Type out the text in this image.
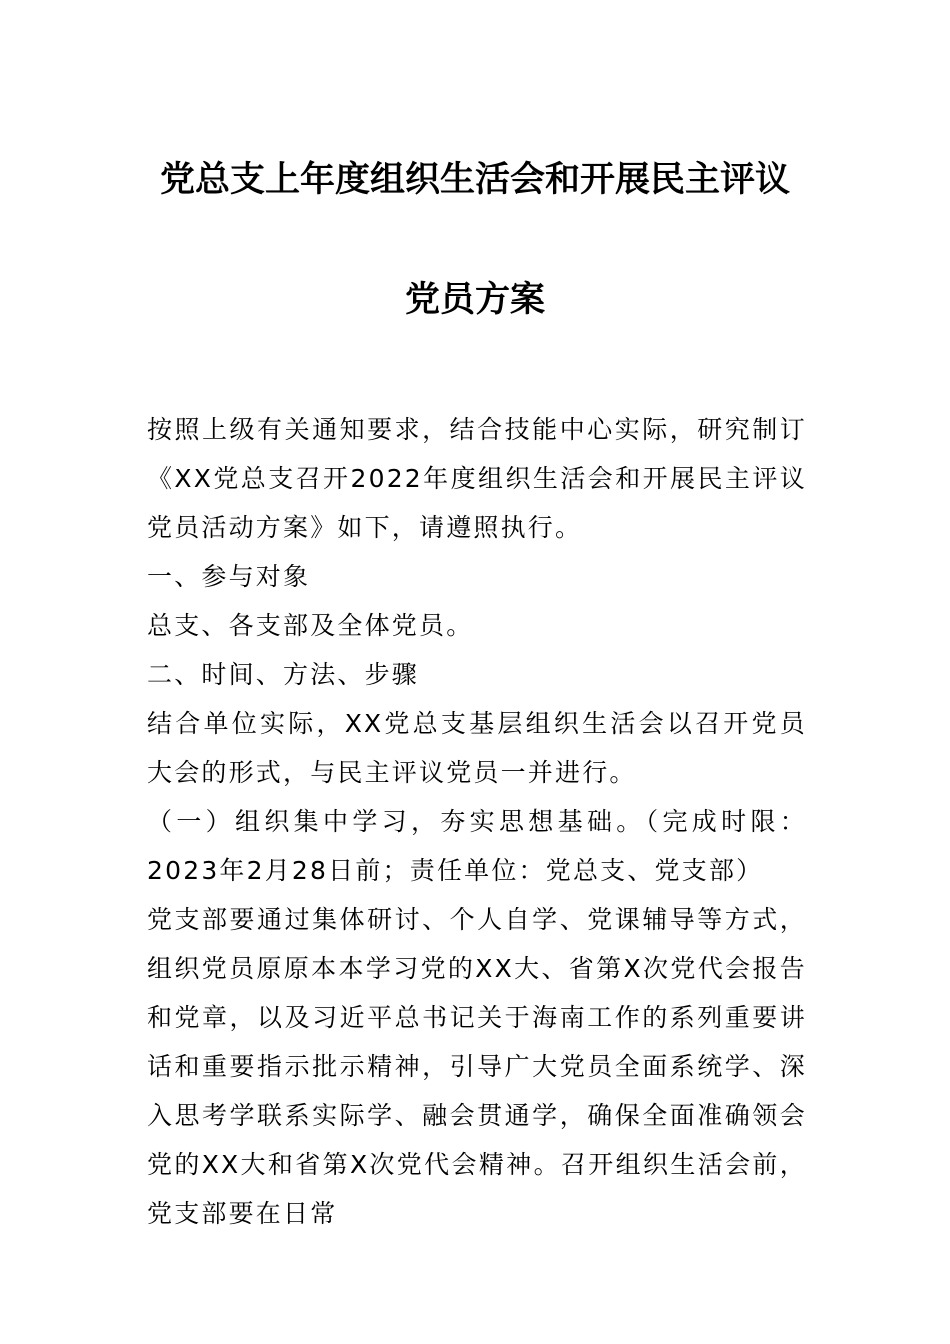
党总支上年度组织生活会和开展民主评议
党员方案

按照上级有关通知要求，结合技能中心实际，研究制订《XX党总支召开2022年度组织生活会和开展民主评议党员活动方案》如下，请遵照执行。

一、参与对象

总支、各支部及全体党员。

二、时间、方法、步骤

结合单位实际，XX党总支基层组织生活会以召开党员大会的形式，与民主评议党员一并进行。

（一）组织集中学习，夯实思想基础。（完成时限：2023年2月28日前；责任单位：党总支、党支部）

党支部要通过集体研讨、个人自学、党课辅导等方式，组织党员原原本本学习党的XX大、省第X次党代会报告和党章，以及习近平总书记关于海南工作的系列重要讲话和重要指示批示精神，引导广大党员全面系统学、深入思考学联系实际学、融会贯通学，确保全面准确领会党的XX大和省第X次党代会精神。召开组织生活会前，党支部要在日常
